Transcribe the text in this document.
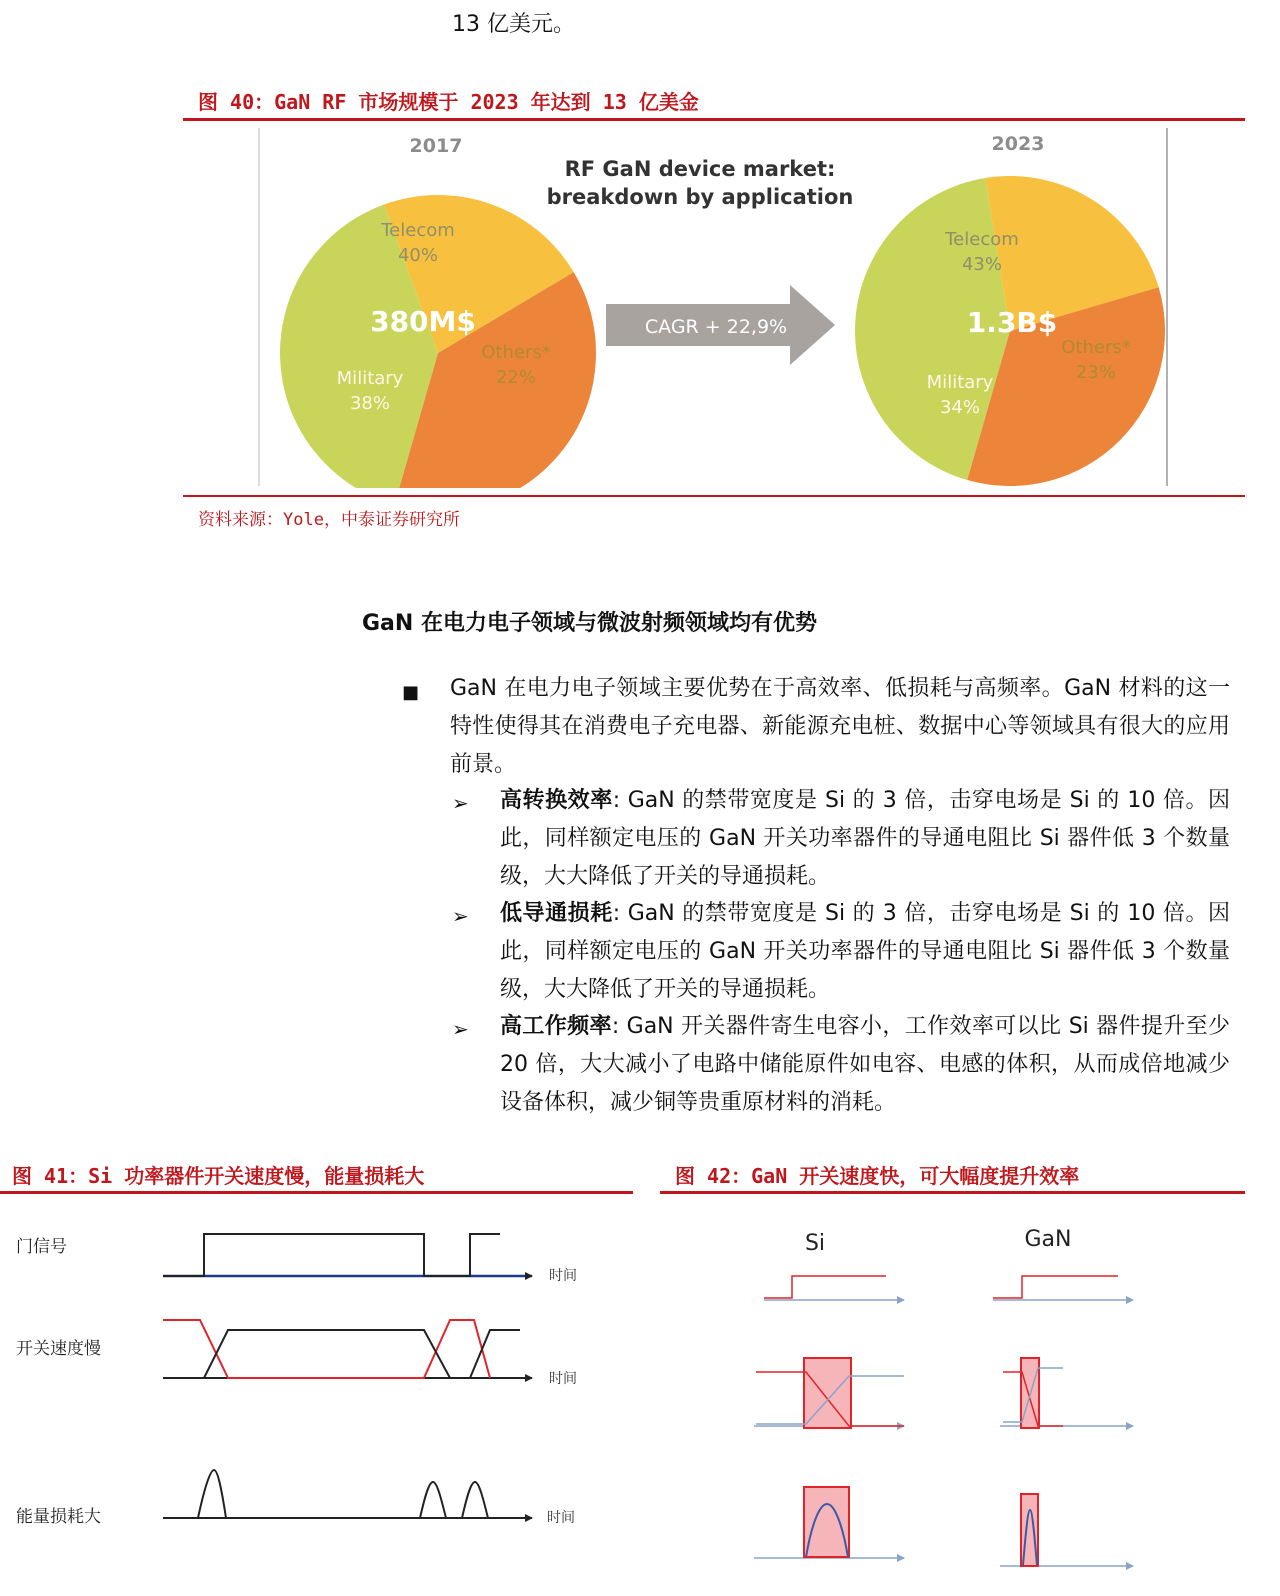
13 亿美元。
图 40：GaN RF 市场规模于 2023 年达到 13 亿美金
2017	2023
RF GaN device market:
breakdown by application
Telecom
40%
Others*
22%
Military
38%
380M$
Telecom
43%
Others*
23%
Military
34%
1.3B$
CAGR + 22,9%
资料来源：Yole，中泰证券研究所
GaN 在电力电子领域与微波射频领域均有优势
■ GaN 在电力电子领域主要优势在于高效率、低损耗与高频率。GaN 材料的这一特性使得其在消费电子充电器、新能源充电桩、数据中心等领域具有很大的应用前景。
➢ 高转换效率: GaN 的禁带宽度是 Si 的 3 倍，击穿电场是 Si 的 10 倍。因此，同样额定电压的 GaN 开关功率器件的导通电阻比 Si 器件低 3 个数量级，大大降低了开关的导通损耗。
➢ 低导通损耗: GaN 的禁带宽度是 Si 的 3 倍，击穿电场是 Si 的 10 倍。因此，同样额定电压的 GaN 开关功率器件的导通电阻比 Si 器件低 3 个数量级，大大降低了开关的导通损耗。
➢ 高工作频率: GaN 开关器件寄生电容小，工作效率可以比 Si 器件提升至少 20 倍，大大减小了电路中储能原件如电容、电感的体积，从而成倍地减少设备体积，减少铜等贵重原材料的消耗。
图 41：Si 功率器件开关速度慢，能量损耗大
门信号
时间
开关速度慢
时间
能量损耗大	时间
图 42：GaN 开关速度快，可大幅度提升效率
Si	GaN
